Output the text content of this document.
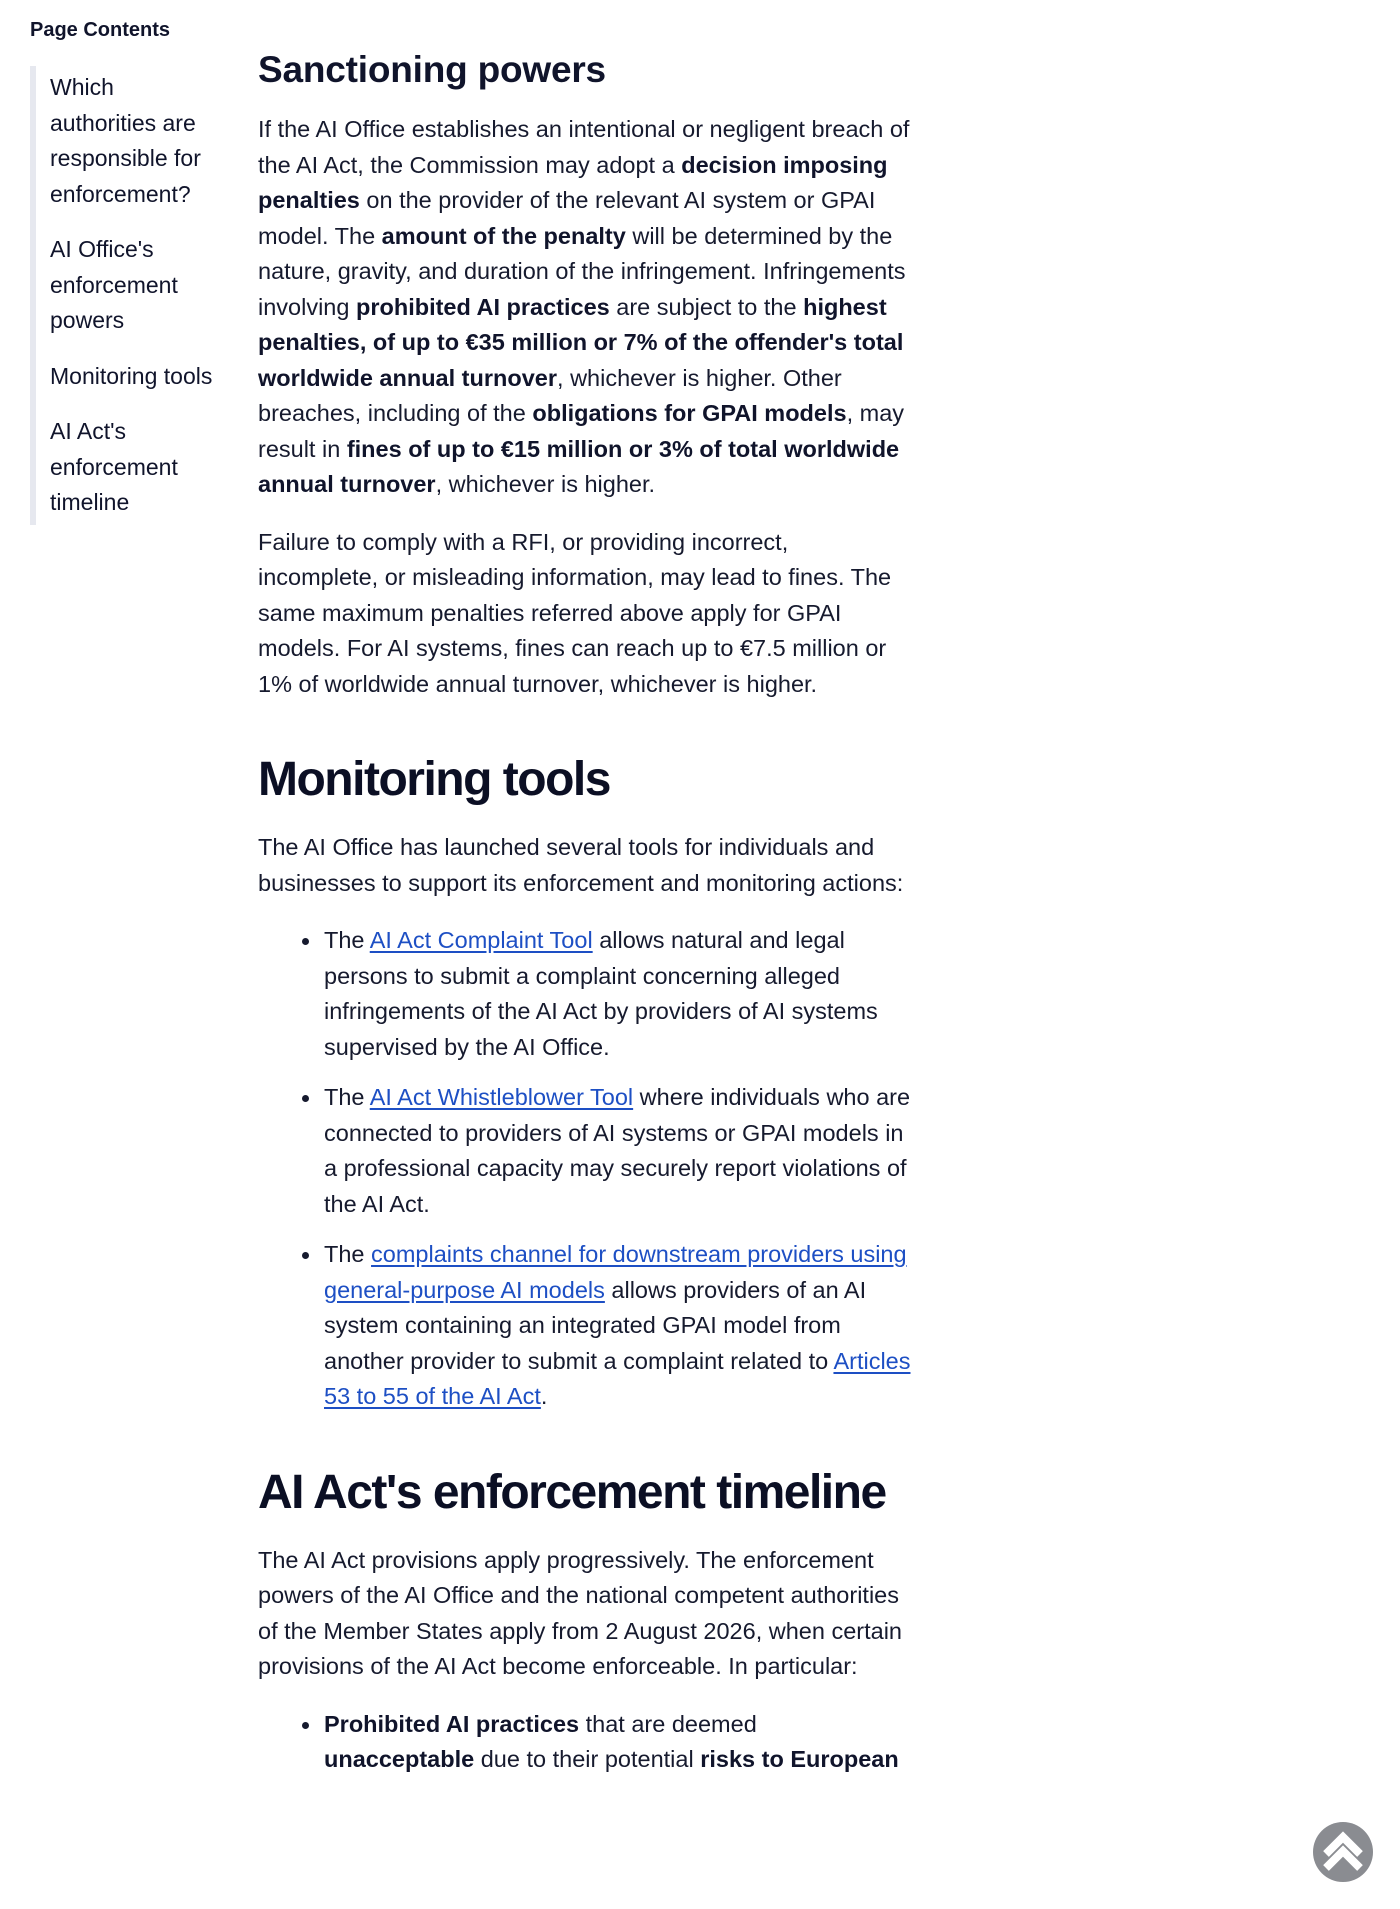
Page Contents
Which authorities are responsible for enforcement?
AI Office's enforcement powers
Monitoring tools
AI Act's enforcement timeline
Sanctioning powers

If the AI Office establishes an intentional or negligent breach of the AI Act, the Commission may adopt a decision imposing penalties on the provider of the relevant AI system or GPAI model. The amount of the penalty will be determined by the nature, gravity, and duration of the infringement. Infringements involving prohibited AI practices are subject to the highest penalties, of up to €35 million or 7% of the offender's total worldwide annual turnover, whichever is higher. Other breaches, including of the obligations for GPAI models, may result in fines of up to €15 million or 3% of total worldwide annual turnover, whichever is higher.

Failure to comply with a RFI, or providing incorrect, incomplete, or misleading information, may lead to fines. The same maximum penalties referred above apply for GPAI models. For AI systems, fines can reach up to €7.5 million or 1% of worldwide annual turnover, whichever is higher.

Monitoring tools

The AI Office has launched several tools for individuals and businesses to support its enforcement and monitoring actions:

The AI Act Complaint Tool allows natural and legal persons to submit a complaint concerning alleged infringements of the AI Act by providers of AI systems supervised by the AI Office.
The AI Act Whistleblower Tool where individuals who are connected to providers of AI systems or GPAI models in a professional capacity may securely report violations of the AI Act.
The complaints channel for downstream providers using general-purpose AI models allows providers of an AI system containing an integrated GPAI model from another provider to submit a complaint related to Articles 53 to 55 of the AI Act.
AI Act's enforcement timeline

The AI Act provisions apply progressively. The enforcement powers of the AI Office and the national competent authorities of the Member States apply from 2 August 2026, when certain provisions of the AI Act become enforceable. In particular:

Prohibited AI practices that are deemed unacceptable due to their potential risks to European
